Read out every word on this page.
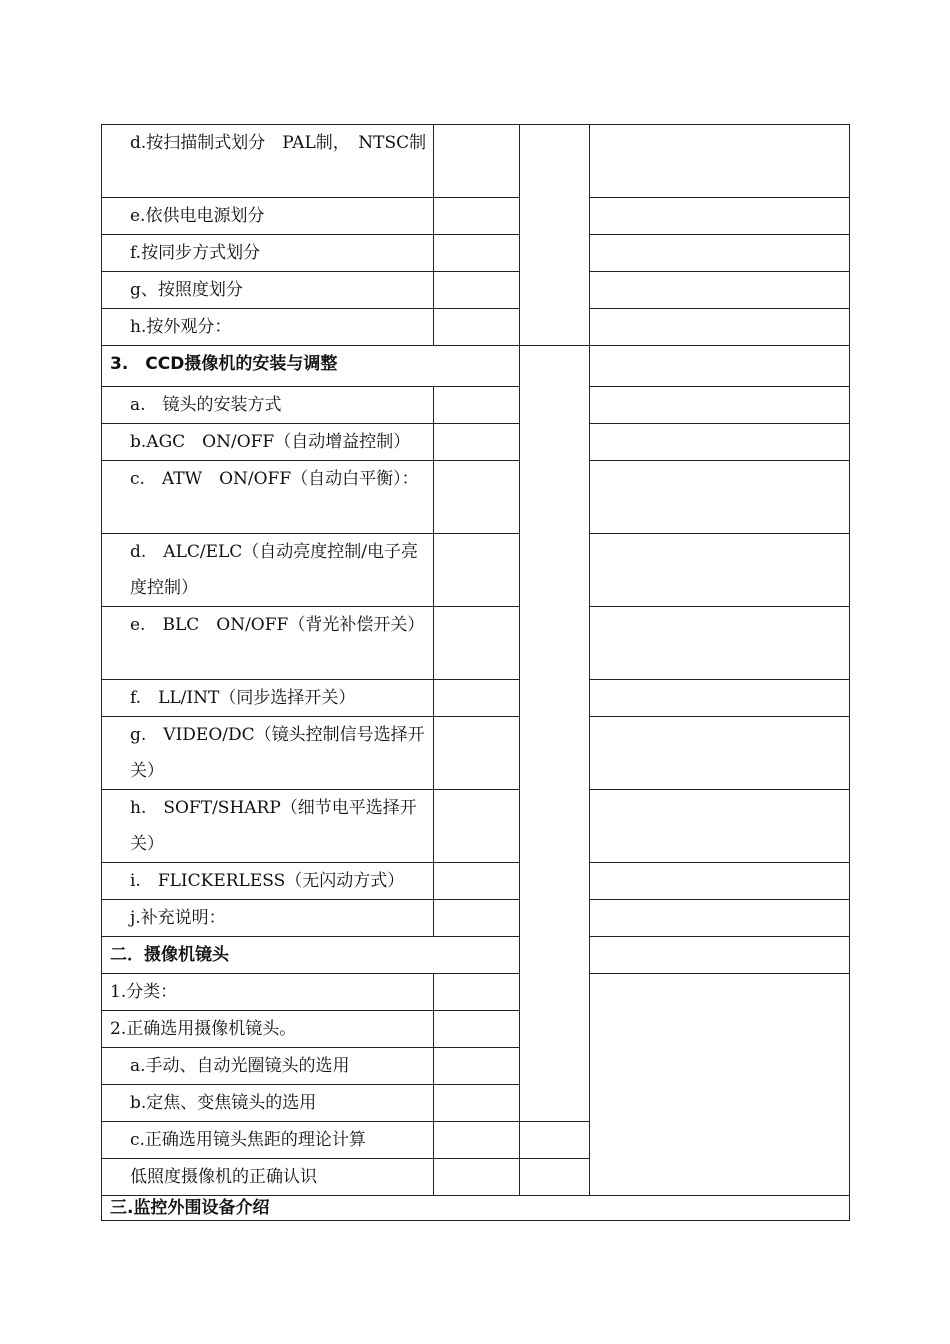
d.按扫描制式划分　PAL制，　NTSC制				
e.依供电电源划分				
f.按同步方式划分				
g、按照度划分				
h.按外观分：				
3.　CCD摄像机的安装与调整				
a.　镜头的安装方式				
b.AGC　ON/OFF（自动增益控制）				
c.　ATW　ON/OFF（自动白平衡）：				
d.　ALC/ELC（自动亮度控制/电子亮度控制）				
e.　BLC　ON/OFF（背光补偿开关）				
f.　LL/INT（同步选择开关）				
g.　VIDEO/DC（镜头控制信号选择开关）				
h.　SOFT/SHARP（细节电平选择开关）				
i.　FLICKERLESS（无闪动方式）				
j.补充说明：				
二．摄像机镜头				
1.分类：				
2.正确选用摄像机镜头。				
a.手动、自动光圈镜头的选用				
b.定焦、变焦镜头的选用				
c.正确选用镜头焦距的理论计算				
低照度摄像机的正确认识				
三.监控外围设备介绍				
